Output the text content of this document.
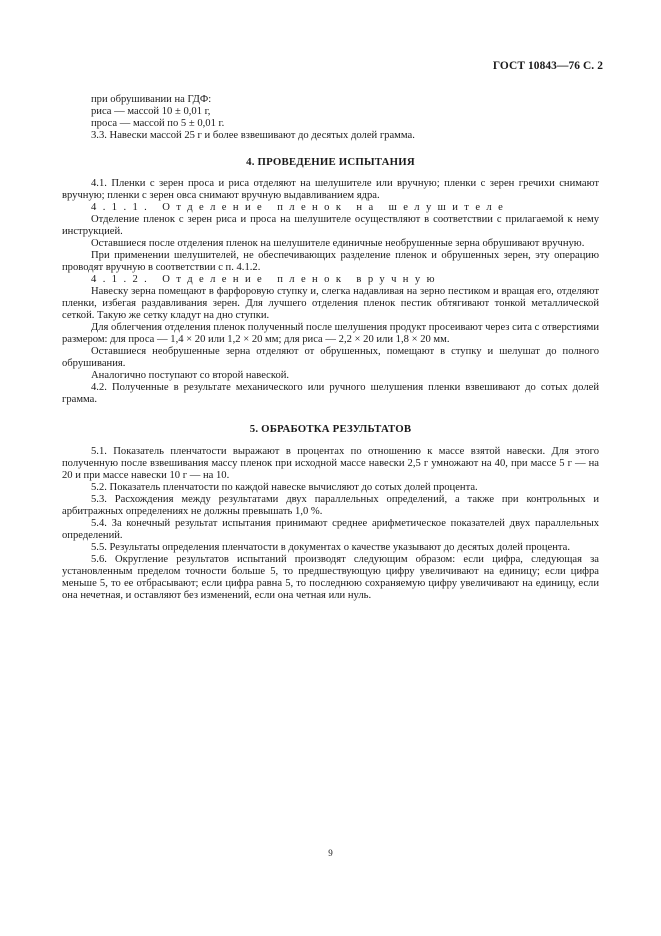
ГОСТ 10843—76 С. 2

при обрушивании на ГДФ:

риса — массой 10 ± 0,01 г,

проса — массой по 5 ± 0,01 г.

3.3. Навески массой 25 г и более взвешивают до десятых долей грамма.

4. ПРОВЕДЕНИЕ ИСПЫТАНИЯ

4.1. Пленки с зерен проса и риса отделяют на шелушителе или вручную; пленки с зерен гречихи снимают вручную; пленки с зерен овса снимают вручную выдавливанием ядра.

4.1.1. Отделение пленок на шелушителе

Отделение пленок с зерен риса и проса на шелушителе осуществляют в соответствии с прилагаемой к нему инструкцией.

Оставшиеся после отделения пленок на шелушителе единичные необрушенные зерна обрушивают вручную.

При применении шелушителей, не обеспечивающих разделение пленок и обрушенных зерен, эту операцию проводят вручную в соответствии с п. 4.1.2.

4.1.2. Отделение пленок вручную

Навеску зерна помещают в фарфоровую ступку и, слегка надавливая на зерно пестиком и вращая его, отделяют пленки, избегая раздавливания зерен. Для лучшего отделения пленок пестик обтягивают тонкой металлической сеткой. Такую же сетку кладут на дно ступки.

Для облегчения отделения пленок полученный после шелушения продукт просеивают через сита с отверстиями размером: для проса — 1,4 × 20 или 1,2 × 20 мм; для риса — 2,2 × 20 или 1,8 × 20 мм.

Оставшиеся необрушенные зерна отделяют от обрушенных, помещают в ступку и шелушат до полного обрушивания.

Аналогично поступают со второй навеской.

4.2. Полученные в результате механического или ручного шелушения пленки взвешивают до сотых долей грамма.

5. ОБРАБОТКА РЕЗУЛЬТАТОВ

5.1. Показатель пленчатости выражают в процентах по отношению к массе взятой навески. Для этого полученную после взвешивания массу пленок при исходной массе навески 2,5 г умножают на 40, при массе 5 г — на 20 и при массе навески 10 г — на 10.

5.2. Показатель пленчатости по каждой навеске вычисляют до сотых долей процента.

5.3. Расхождения между результатами двух параллельных определений, а также при контрольных и арбитражных определениях не должны превышать 1,0 %.

5.4. За конечный результат испытания принимают среднее арифметическое показателей двух параллельных определений.

5.5. Результаты определения пленчатости в документах о качестве указывают до десятых долей процента.

5.6. Округление результатов испытаний производят следующим образом: если цифра, следующая за установленным пределом точности больше 5, то предшествующую цифру увеличивают на единицу; если цифра меньше 5, то ее отбрасывают; если цифра равна 5, то последнюю сохраняемую цифру увеличивают на единицу, если она нечетная, и оставляют без изменений, если она четная или нуль.

9
